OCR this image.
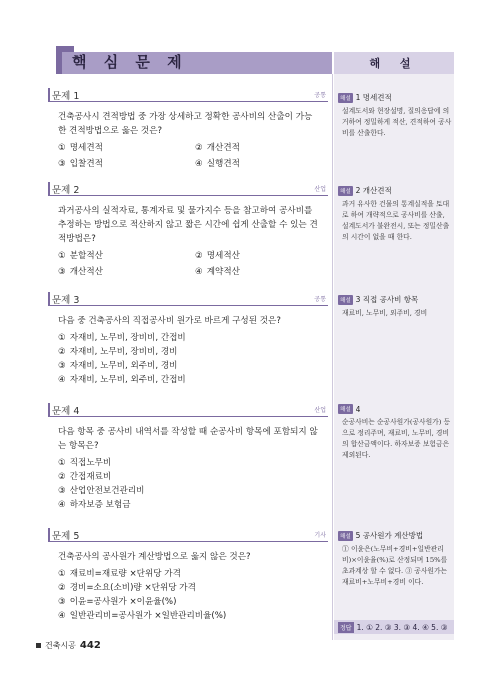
핵 심 문 제	해 설
문제 1	공통
건축공사시 견적방법 중 가장 상세하고 정확한 공사비의 산출이 가능한 견적방법으로 옳은 것은?
① 명세견적	② 개산견적
③ 입찰견적	④ 실행견적
문제 2	산업
과거공사의 실적자료, 통계자료 및 물가지수 등을 참고하여 공사비를 추정하는 방법으로 적산하지 않고 짧은 시간에 쉽게 산출할 수 있는 견적방법은?
① 분할적산	② 명세적산
③ 개산적산	④ 계약적산
문제 3	공통
다음 중 건축공사의 직접공사비 원가로 바르게 구성된 것은?
① 자재비, 노무비, 장비비, 간접비
② 자재비, 노무비, 장비비, 경비
③ 자재비, 노무비, 외주비, 경비
④ 자재비, 노무비, 외주비, 간접비
문제 4	산업
다음 항목 중 공사비 내역서를 작성할 때 순공사비 항목에 포함되지 않는 항목은?
① 직접노무비
② 간접재료비
③ 산업안전보건관리비
④ 하자보증 보험금
문제 5	기사
건축공사의 공사원가 계산방법으로 옳지 않은 것은?
① 재료비=재료량 ×단위당 가격
② 경비=소요(소비)량 ×단위당 가격
③ 이윤=공사원가 ×이윤율(%)
④ 일반관리비=공사원가 ×일반관리비율(%)
해설 1 명세견적
설계도서와 현장설명, 질의응답에 의거하여 정밀하게 적산, 견적하여 공사비를 산출한다.
해설 2 개산견적
과거 유사한 건물의 통계실적을 토대로 하여 개략적으로 공사비를 산출, 설계도서가 불완전시, 또는 정밀산출의 시간이 없을 때 한다.
해설 3 직접 공사비 항목
재료비, 노무비, 외주비, 경비
해설 4
순공사비는 순공사원가(공사원가) 등으로 정리주며, 재료비, 노무비, 경비의 합산금액이다. 하자보증 보험금은 제외된다.
해설 5 공사원가 계산방법
① 이윤은(노무비+경비+일반관리비)×이윤율(%)로 산정되며 15%를 초과계상 할 수 없다. ③ 공사원가는 재료비+노무비+경비 이다.
정답 1. ① 2. ③ 3. ③ 4. ④ 5. ③
건축시공 442
